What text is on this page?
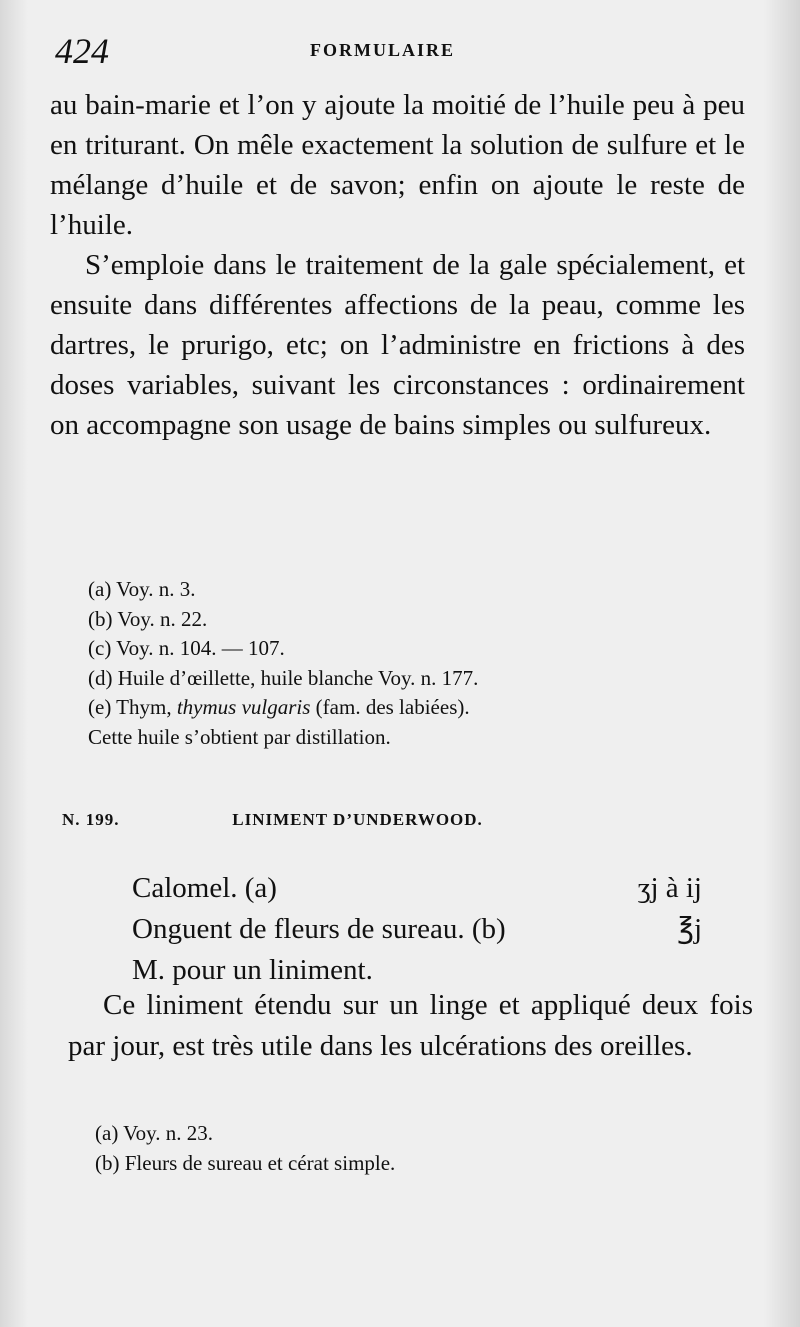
424	FORMULAIRE

au bain-marie et l’on y ajoute la moitié de l’huile peu à peu en triturant. On mêle exactement la solution de sulfure et le mélange d’huile et de savon; enfin on ajoute le reste de l’huile.

S’emploie dans le traitement de la gale spécialement, et ensuite dans différentes affections de la peau, comme les dartres, le prurigo, etc; on l’administre en frictions à des doses variables, suivant les circonstances : ordinairement on accompagne son usage de bains simples ou sulfureux.

(a) Voy. n. 3.
(b) Voy. n. 22.
(c) Voy. n. 104. — 107.
(d) Huile d’œillette, huile blanche Voy. n. 177.
(e) Thym, thymus vulgaris (fam. des labiées).
Cette huile s’obtient par distillation.
N. 199.	LINIMENT D’UNDERWOOD.
Calomel. (a)	ʒj à ij
Onguent de fleurs de sureau. (b)	℥j
M. pour un liniment.

Ce liniment étendu sur un linge et appliqué deux fois par jour, est très utile dans les ulcérations des oreilles.

(a) Voy. n. 23.
(b) Fleurs de sureau et cérat simple.
